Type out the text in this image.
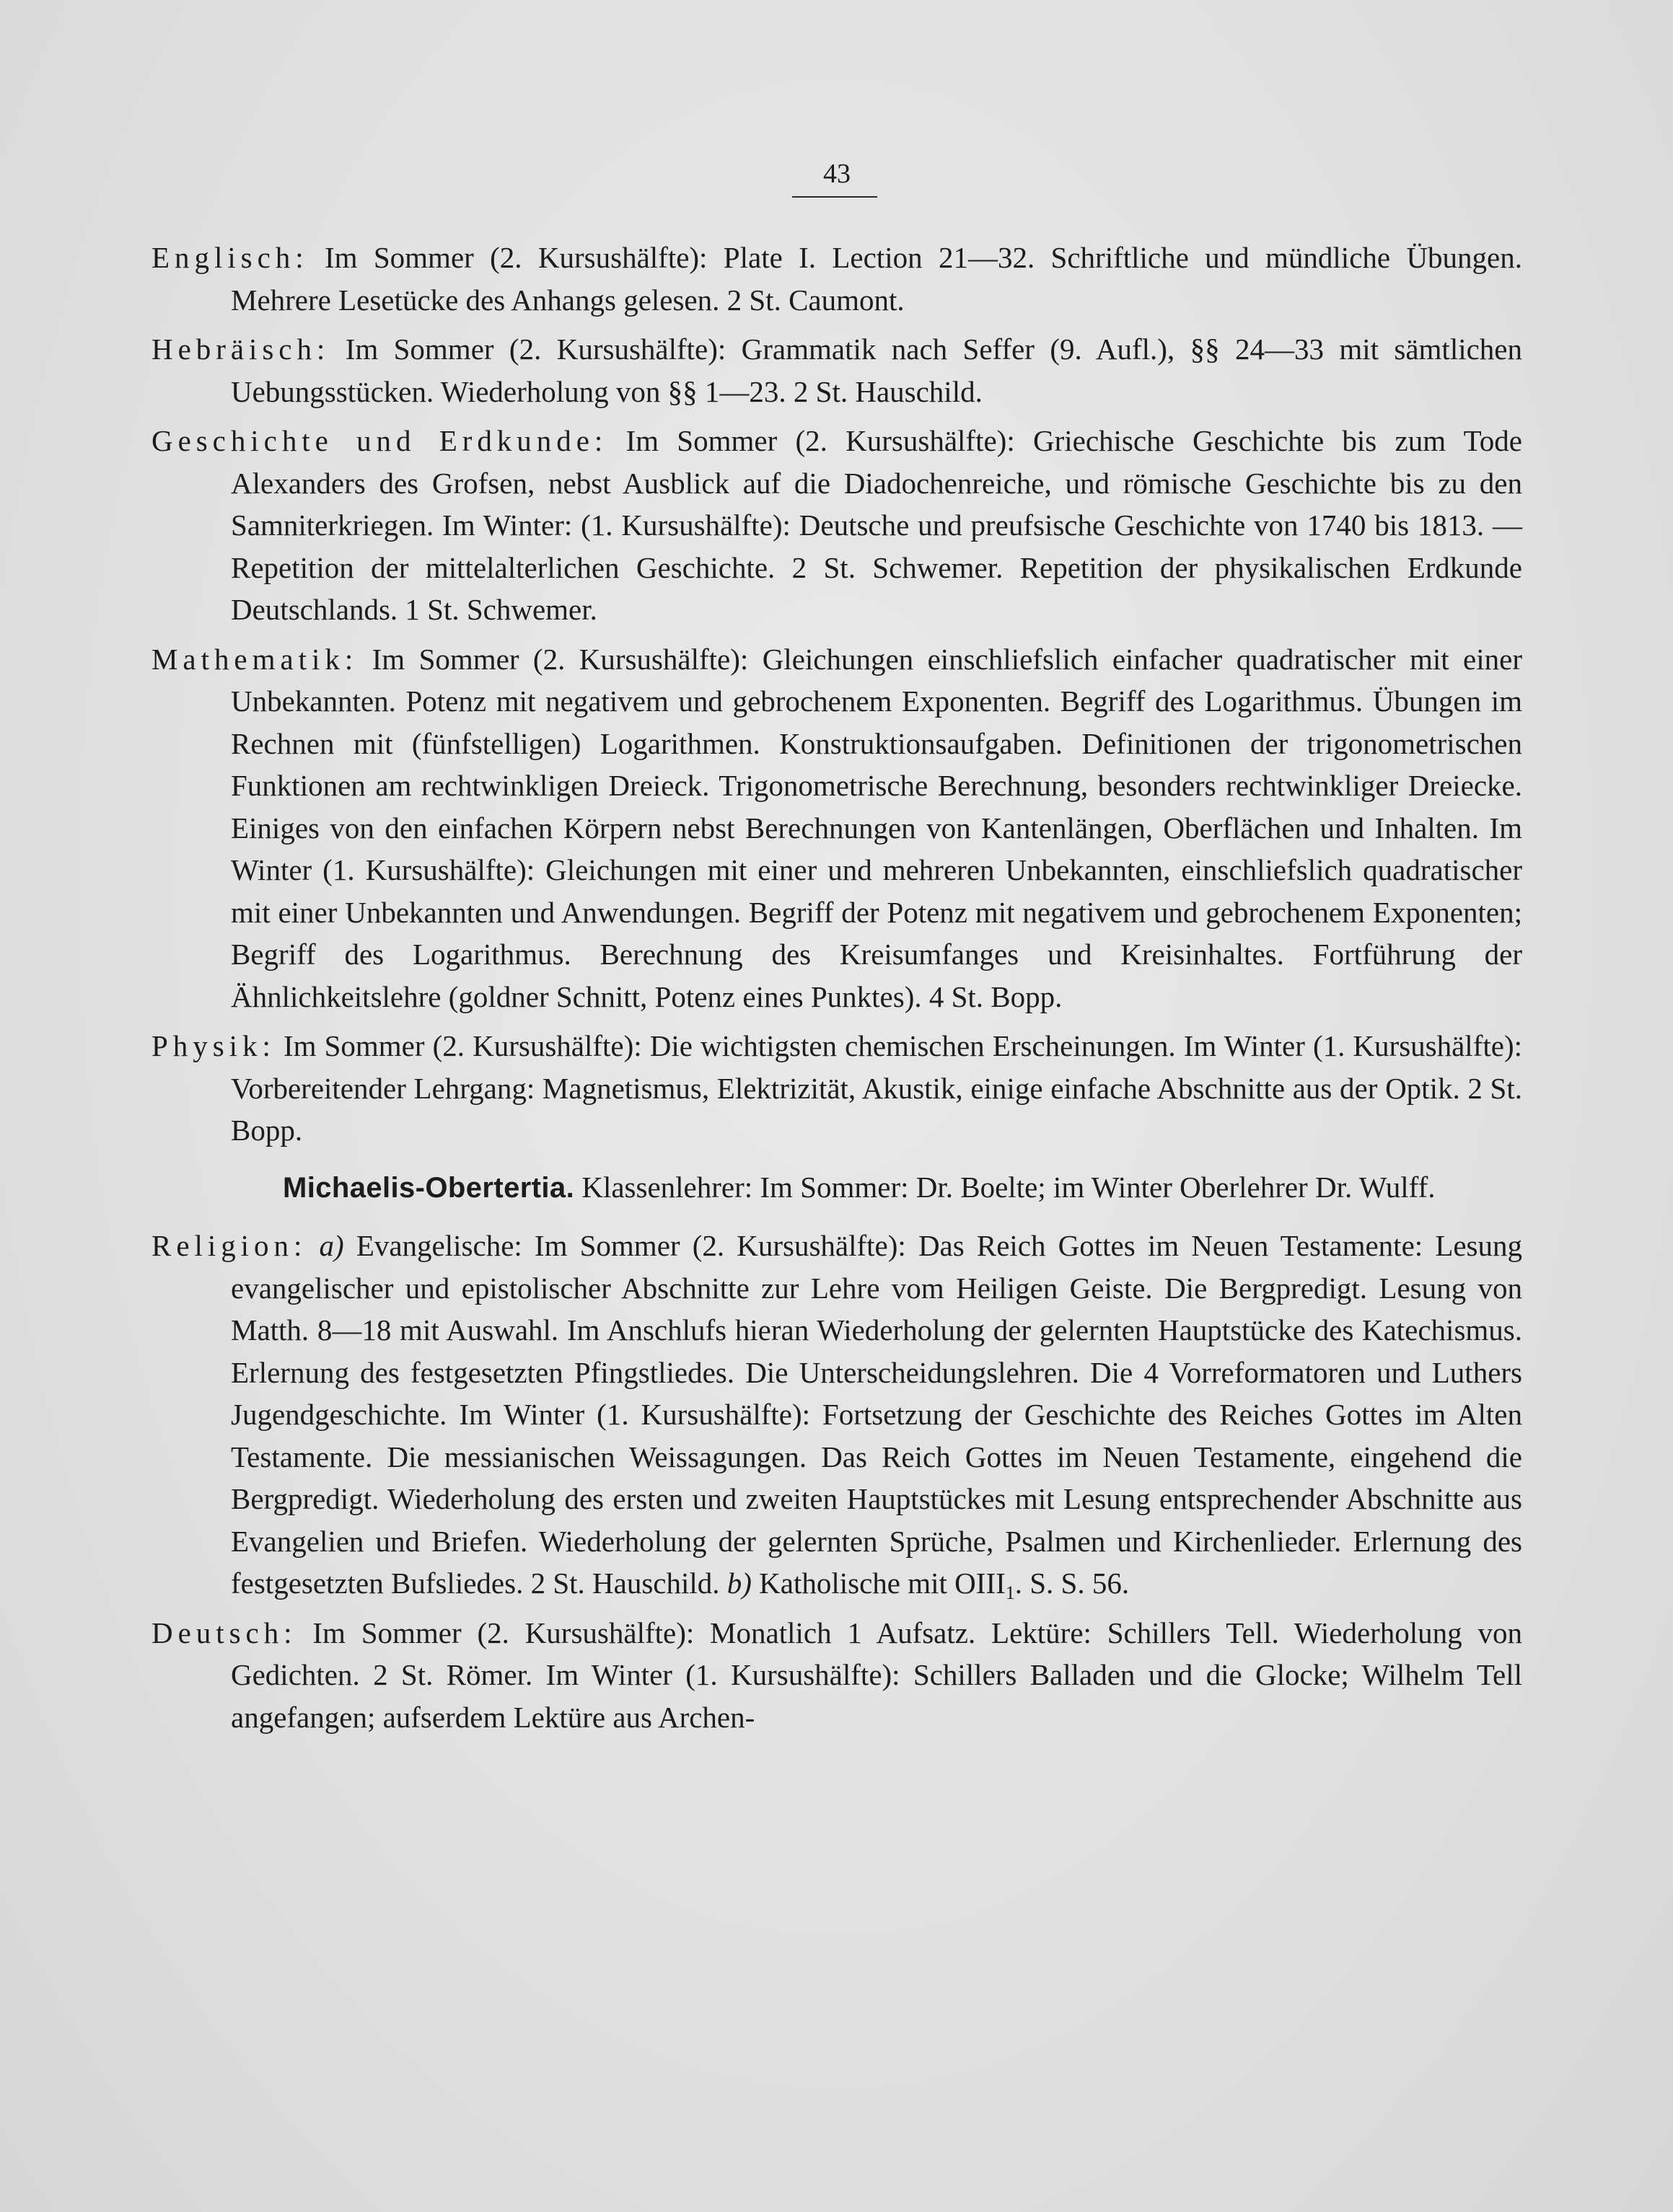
43

Englisch: Im Sommer (2. Kursushälfte): Plate I. Lection 21—32. Schriftliche und mündliche Übungen. Mehrere Lesetücke des Anhangs gelesen. 2 St. Caumont.

Hebräisch: Im Sommer (2. Kursushälfte): Grammatik nach Seffer (9. Aufl.), §§ 24—33 mit sämtlichen Uebungsstücken. Wiederholung von §§ 1—23. 2 St. Hauschild.

Geschichte und Erdkunde: Im Sommer (2. Kursushälfte): Griechische Geschichte bis zum Tode Alexanders des Grofsen, nebst Ausblick auf die Diadochenreiche, und römische Geschichte bis zu den Samniterkriegen. Im Winter: (1. Kursushälfte): Deutsche und preufsische Geschichte von 1740 bis 1813. — Repetition der mittelalterlichen Geschichte. 2 St. Schwemer. Repetition der physikalischen Erdkunde Deutschlands. 1 St. Schwemer.

Mathematik: Im Sommer (2. Kursushälfte): Gleichungen einschliefslich einfacher quadratischer mit einer Unbekannten. Potenz mit negativem und gebrochenem Exponenten. Begriff des Logarithmus. Übungen im Rechnen mit (fünfstelligen) Logarithmen. Konstruktionsaufgaben. Definitionen der trigonometrischen Funktionen am rechtwinkligen Dreieck. Trigonometrische Berechnung, besonders rechtwinkliger Dreiecke. Einiges von den einfachen Körpern nebst Berechnungen von Kantenlängen, Oberflächen und Inhalten. Im Winter (1. Kursushälfte): Gleichungen mit einer und mehreren Unbekannten, einschliefslich quadratischer mit einer Unbekannten und Anwendungen. Begriff der Potenz mit negativem und gebrochenem Exponenten; Begriff des Logarithmus. Berechnung des Kreisumfanges und Kreisinhaltes. Fortführung der Ähnlichkeitslehre (goldner Schnitt, Potenz eines Punktes). 4 St. Bopp.

Physik: Im Sommer (2. Kursushälfte): Die wichtigsten chemischen Erscheinungen. Im Winter (1. Kursushälfte): Vorbereitender Lehrgang: Magnetismus, Elektrizität, Akustik, einige einfache Abschnitte aus der Optik. 2 St. Bopp.

Michaelis-Obertertia. Klassenlehrer: Im Sommer: Dr. Boelte; im Winter Oberlehrer Dr. Wulff.

Religion: a) Evangelische: Im Sommer (2. Kursushälfte): Das Reich Gottes im Neuen Testamente: Lesung evangelischer und epistolischer Abschnitte zur Lehre vom Heiligen Geiste. Die Bergpredigt. Lesung von Matth. 8—18 mit Auswahl. Im Anschlufs hieran Wiederholung der gelernten Hauptstücke des Katechismus. Erlernung des festgesetzten Pfingstliedes. Die Unterscheidungslehren. Die 4 Vorreformatoren und Luthers Jugendgeschichte. Im Winter (1. Kursushälfte): Fortsetzung der Geschichte des Reiches Gottes im Alten Testamente. Die messianischen Weissagungen. Das Reich Gottes im Neuen Testamente, eingehend die Bergpredigt. Wiederholung des ersten und zweiten Hauptstückes mit Lesung entsprechender Abschnitte aus Evangelien und Briefen. Wiederholung der gelernten Sprüche, Psalmen und Kirchenlieder. Erlernung des festgesetzten Bufsliedes. 2 St. Hauschild. b) Katholische mit $OIII_1$. S. S. 56.

Deutsch: Im Sommer (2. Kursushälfte): Monatlich 1 Aufsatz. Lektüre: Schillers Tell. Wiederholung von Gedichten. 2 St. Römer. Im Winter (1. Kursushälfte): Schillers Balladen und die Glocke; Wilhelm Tell angefangen; aufserdem Lektüre aus Archen-
